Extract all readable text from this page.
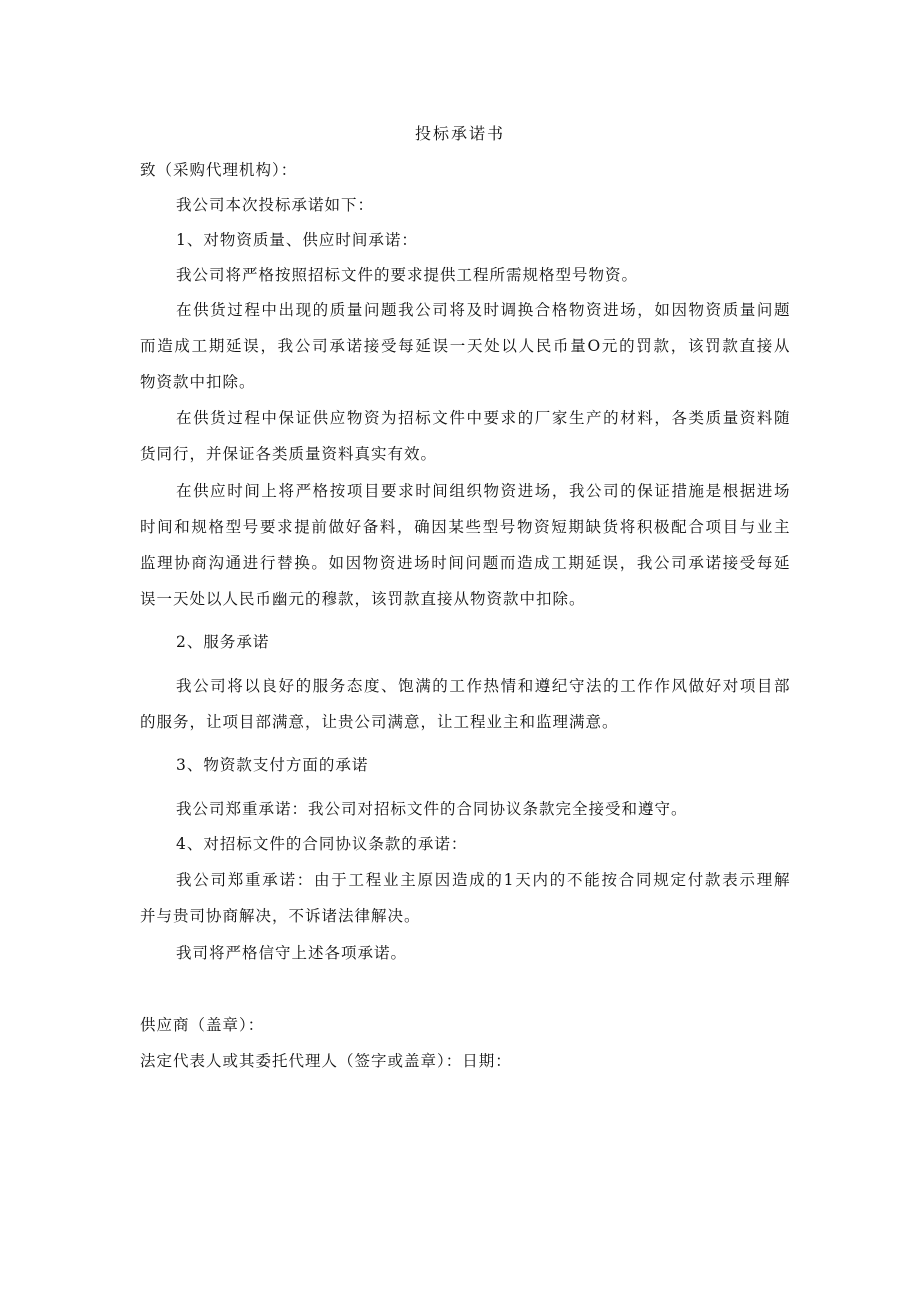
投标承诺书
致（采购代理机构）：
我公司本次投标承诺如下：
1、对物资质量、供应时间承诺：
我公司将严格按照招标文件的要求提供工程所需规格型号物资。
在供货过程中出现的质量问题我公司将及时调换合格物资进场，如因物资质量问题
而造成工期延误，我公司承诺接受每延误一天处以人民币量O元的罚款，该罚款直接从
物资款中扣除。
在供货过程中保证供应物资为招标文件中要求的厂家生产的材料，各类质量资料随
货同行，并保证各类质量资料真实有效。
在供应时间上将严格按项目要求时间组织物资进场，我公司的保证措施是根据进场
时间和规格型号要求提前做好备料，确因某些型号物资短期缺货将积极配合项目与业主
监理协商沟通进行替换。如因物资进场时间问题而造成工期延误，我公司承诺接受每延
误一天处以人民币幽元的穆款，该罚款直接从物资款中扣除。
2、服务承诺
我公司将以良好的服务态度、饱满的工作热情和遵纪守法的工作作风做好对项目部
的服务，让项目部满意，让贵公司满意，让工程业主和监理满意。
3、物资款支付方面的承诺
我公司郑重承诺：我公司对招标文件的合同协议条款完全接受和遵守。
4、对招标文件的合同协议条款的承诺：
我公司郑重承诺：由于工程业主原因造成的1天内的不能按合同规定付款表示理解
并与贵司协商解决，不诉诸法律解决。
我司将严格信守上述各项承诺。
供应商（盖章）：
法定代表人或其委托代理人（签字或盖章）：日期：
